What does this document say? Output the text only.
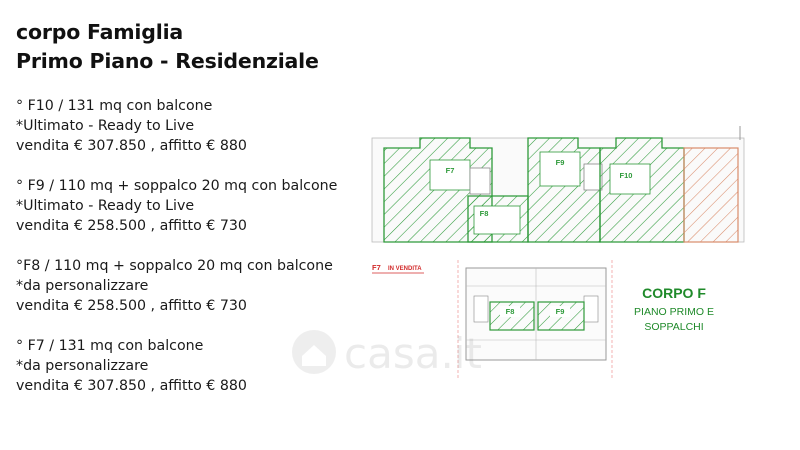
corpo Famiglia
Primo Piano - Residenziale
° F10 / 131 mq con balcone
*Ultimato - Ready to Live
vendita € 307.850 , affitto € 880
° F9 / 110 mq + soppalco 20 mq con balcone
*Ultimato - Ready to Live
vendita € 258.500 , affitto € 730
°F8 / 110 mq + soppalco 20 mq con balcone
*da personalizzare
vendita € 258.500 , affitto € 730
° F7 / 131 mq con balcone
*da personalizzare
vendita € 307.850 , affitto € 880
F7
F8
F9
F10
F7 IN VENDITA
F8	F9
CORPO F
PIANO PRIMO E
SOPPALCHI
casa.it
